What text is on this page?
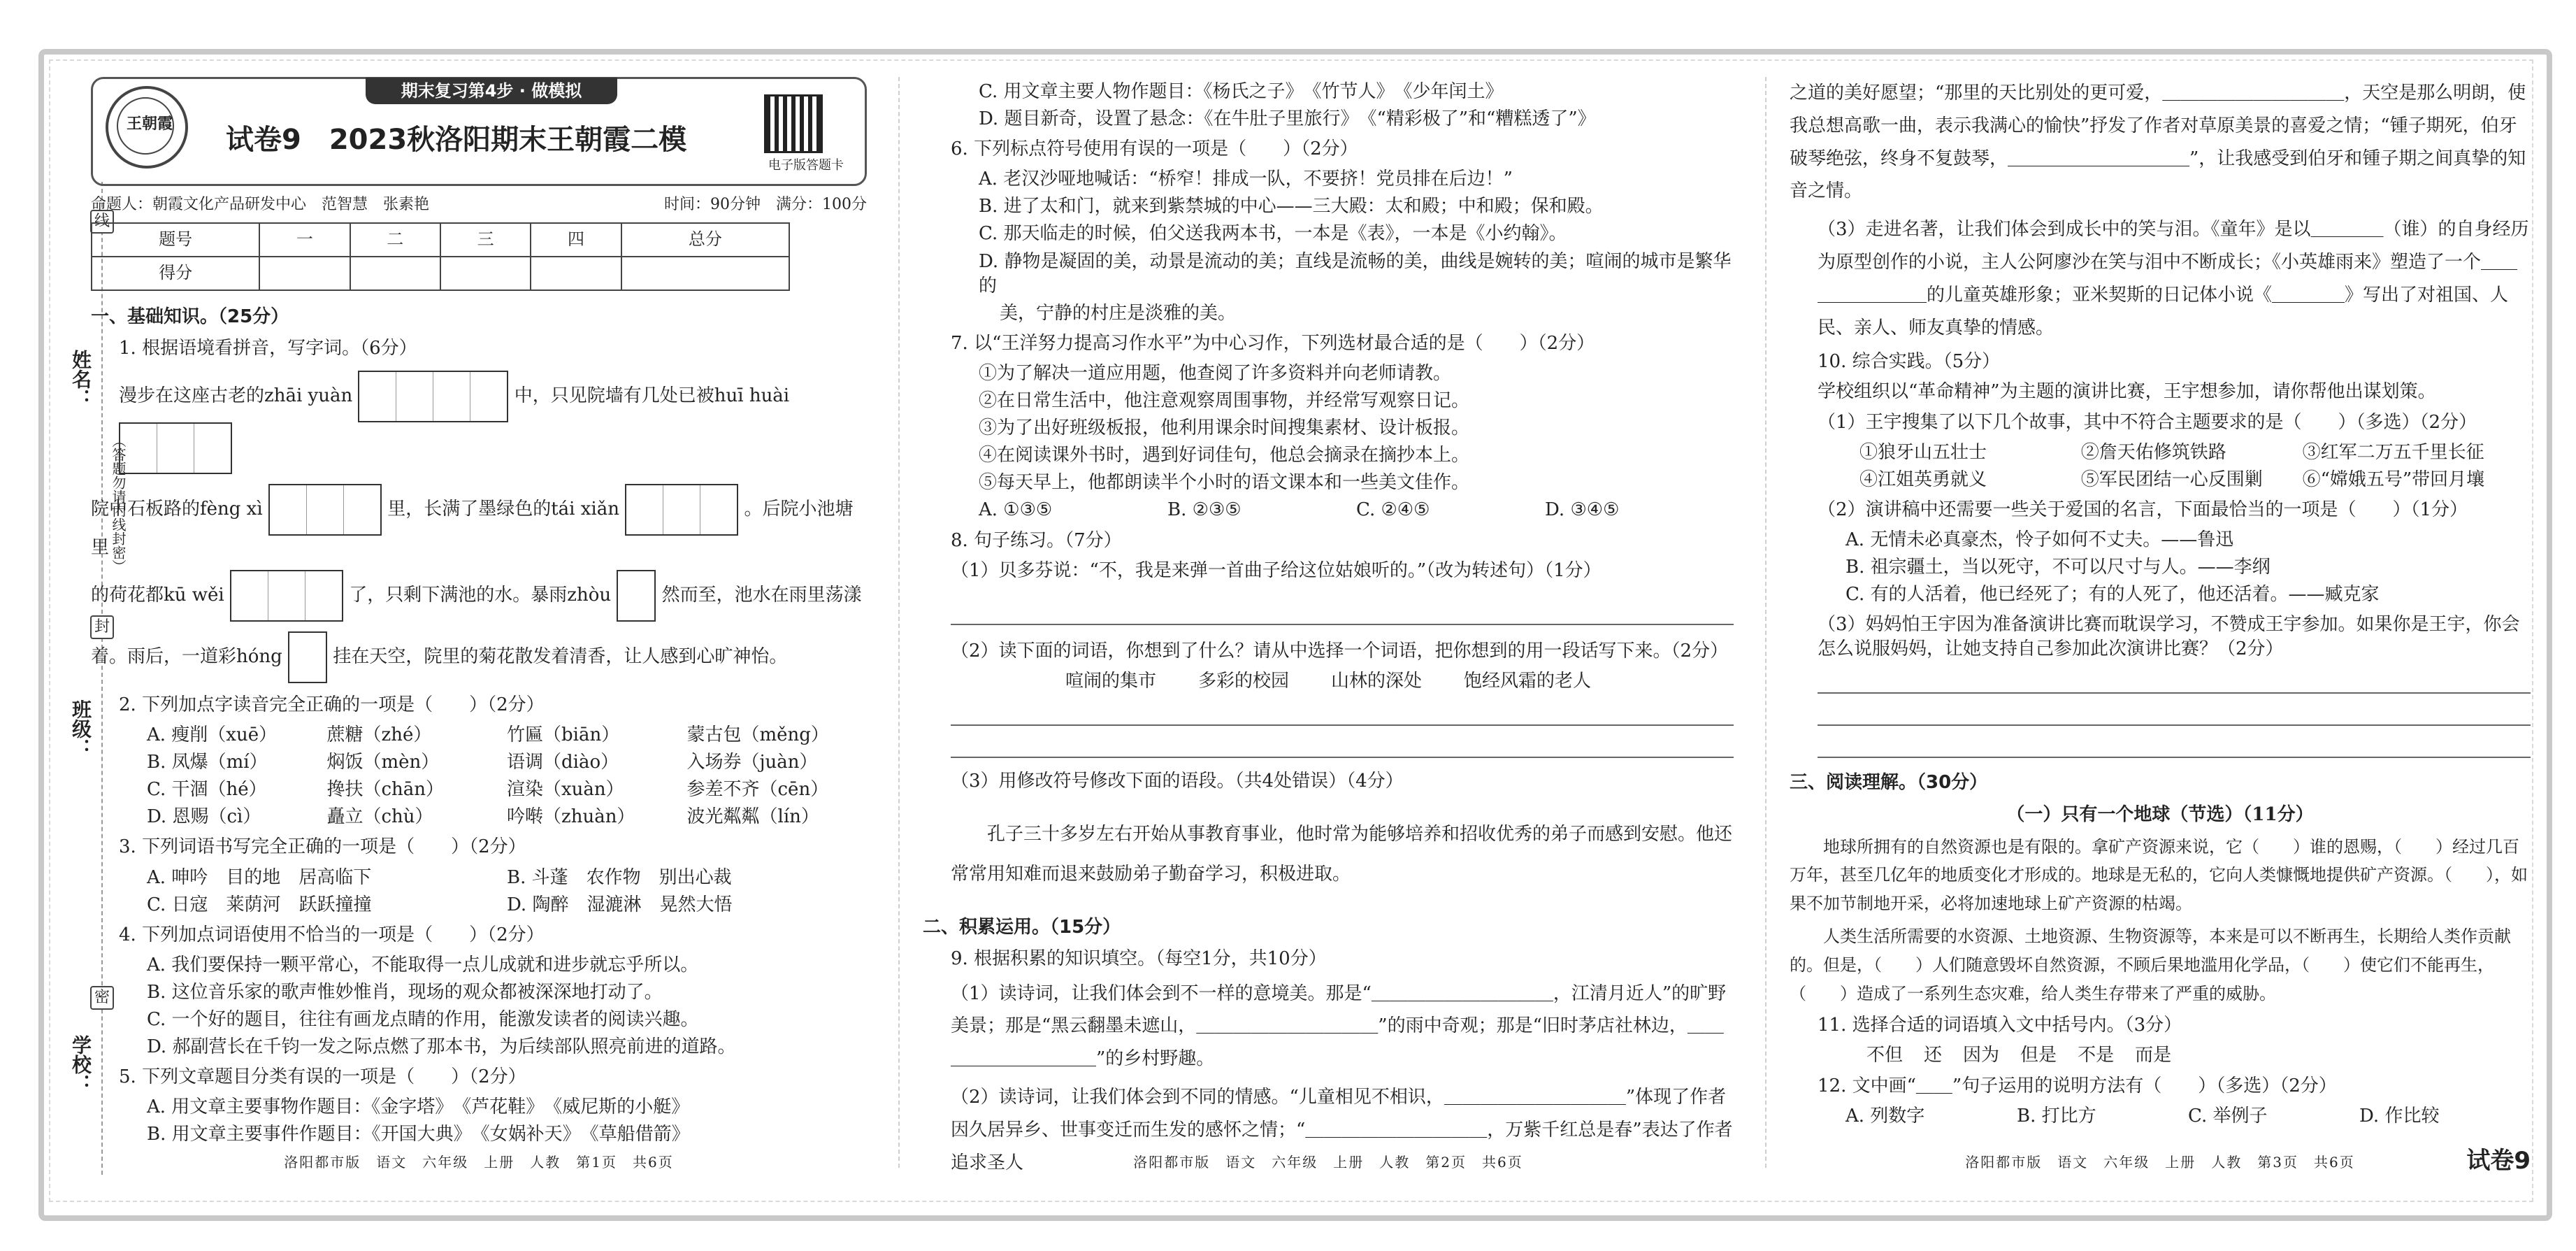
姓名：
（答题勿请内线封密）
班级：
学校：
线
封
密
期末复习第4步 · 做模拟
王朝霞 试卷9　2023秋洛阳期末王朝霞二模
电子版答题卡
命题人：朝霞文化产品研发中心　范智慧　张素艳	时间：90分钟　满分：100分
题号	一	二	三	四	总分
得分					
一、基础知识。（25分）
1. 根据语境看拼音，写字词。（6分）
漫步在这座古老的zhāi yuàn	中，只见院墙有几处已被huī huài
院中石板路的fèng xì	里，长满了墨绿色的tái xiǎn	。后院小池塘里
的荷花都kū wěi	了，只剩下满池的水。暴雨zhòu	然而至，池水在雨里荡漾
着。雨后，一道彩hóng	挂在天空，院里的菊花散发着清香，让人感到心旷神怡。
2. 下列加点字读音完全正确的一项是（　　）（2分）
A. 瘦削（xuē）	蔗糖（zhé）	竹匾（biān）	蒙古包（měng）
B. 凤爆（mí）	焖饭（mèn）	语调（diào）	入场券（juàn）
C. 干涸（hé）	搀扶（chān）	渲染（xuàn）	参差不齐（cēn）
D. 恩赐（cì）	矗立（chù）	吟啭（zhuàn）	波光粼粼（lín）
3. 下列词语书写完全正确的一项是（　　）（2分）
A. 呻吟　目的地　居高临下	B. 斗蓬　农作物　别出心裁
C. 日寇　莱荫河　跃跃撞撞	D. 陶醉　湿漉淋　晃然大悟
4. 下列加点词语使用不恰当的一项是（　　）（2分）
A. 我们要保持一颗平常心，不能取得一点儿成就和进步就忘乎所以。
B. 这位音乐家的歌声惟妙惟肖，现场的观众都被深深地打动了。
C. 一个好的题目，往往有画龙点睛的作用，能激发读者的阅读兴趣。
D. 郝副营长在千钧一发之际点燃了那本书，为后续部队照亮前进的道路。
5. 下列文章题目分类有误的一项是（　　）（2分）
A. 用文章主要事物作题目：《金字塔》　《芦花鞋》　《威尼斯的小艇》
B. 用文章主要事件作题目：《开国大典》　《女娲补天》　《草船借箭》
洛阳都市版　语文　六年级　上册　人教　第1页　共6页
C. 用文章主要人物作题目：《杨氏之子》　《竹节人》　《少年闰土》
D. 题目新奇，设置了悬念：《在牛肚子里旅行》　《“精彩极了”和“糟糕透了”》
6. 下列标点符号使用有误的一项是（　　）（2分）
A. 老汉沙哑地喊话：“桥窄！排成一队，不要挤！党员排在后边！”
B. 进了太和门，就来到紫禁城的中心——三大殿：太和殿；中和殿；保和殿。
C. 那天临走的时候，伯父送我两本书，一本是《表》，一本是《小约翰》。
D. 静物是凝固的美，动景是流动的美；直线是流畅的美，曲线是婉转的美；喧闹的城市是繁华的
美，宁静的村庄是淡雅的美。
7. 以“王洋努力提高习作水平”为中心习作，下列选材最合适的是（　　）（2分）
①为了解决一道应用题，他查阅了许多资料并向老师请教。
②在日常生活中，他注意观察周围事物，并经常写观察日记。
③为了出好班级板报，他利用课余时间搜集素材、设计板报。
④在阅读课外书时，遇到好词佳句，他总会摘录在摘抄本上。
⑤每天早上，他都朗读半个小时的语文课本和一些美文佳作。
A. ①③⑤	B. ②③⑤	C. ②④⑤	D. ③④⑤
8. 句子练习。（7分）
（1）贝多芬说：“不，我是来弹一首曲子给这位姑娘听的。”（改为转述句）（1分）
（2）读下面的词语，你想到了什么？请从中选择一个词语，把你想到的用一段话写下来。（2分）
喧闹的集市 多彩的校园 山林的深处 饱经风霜的老人
（3）用修改符号修改下面的语段。（共4处错误）（4分）
孔子三十多岁左右开始从事教育事业，他时常为能够培养和招收优秀的弟子而感到安慰。他还常常用知难而退来鼓励弟子勤奋学习，积极进取。
二、积累运用。（15分）
9. 根据积累的知识填空。（每空1分，共10分）
（1）读诗词，让我们体会到不一样的意境美。那是“＿＿＿＿＿＿＿＿＿＿，江清月近人”的旷野美景；那是“黑云翻墨未遮山，＿＿＿＿＿＿＿＿＿＿”的雨中奇观；那是“旧时茅店社林边，＿＿＿＿＿＿＿＿＿＿”的乡村野趣。
（2）读诗词，让我们体会到不同的情感。“儿童相见不相识，＿＿＿＿＿＿＿＿＿＿”体现了作者因久居异乡、世事变迁而生发的感怀之情；“＿＿＿＿＿＿＿＿＿＿，万紫千红总是春”表达了作者追求圣人	洛阳都市版　语文　六年级　上册　人教　第2页　共6页
之道的美好愿望；“那里的天比别处的更可爱，＿＿＿＿＿＿＿＿＿＿，天空是那么明朗，使我总想高歌一曲，表示我满心的愉快”抒发了作者对草原美景的喜爱之情；“锺子期死，伯牙破琴绝弦，终身不复鼓琴，＿＿＿＿＿＿＿＿＿＿”，让我感受到伯牙和锺子期之间真挚的知音之情。
（3）走进名著，让我们体会到成长中的笑与泪。《童年》是以＿＿＿＿（谁）的自身经历为原型创作的小说，主人公阿廖沙在笑与泪中不断成长；《小英雄雨来》塑造了一个＿＿＿＿＿＿＿＿的儿童英雄形象；亚米契斯的日记体小说《＿＿＿＿》写出了对祖国、人民、亲人、师友真挚的情感。
10. 综合实践。（5分）
学校组织以“革命精神”为主题的演讲比赛，王宇想参加，请你帮他出谋划策。
（1）王宇搜集了以下几个故事，其中不符合主题要求的是（　　）（多选）（2分）
①狼牙山五壮士	②詹天佑修筑铁路	③红军二万五千里长征
④江姐英勇就义	⑤军民团结一心反围剿	⑥“嫦娥五号”带回月壤
（2）演讲稿中还需要一些关于爱国的名言，下面最恰当的一项是（　　）（1分）
A. 无情未必真豪杰，怜子如何不丈夫。——鲁迅
B. 祖宗疆土，当以死守，不可以尺寸与人。——李纲
C. 有的人活着，他已经死了；有的人死了，他还活着。——臧克家
（3）妈妈怕王宇因为准备演讲比赛而耽误学习，不赞成王宇参加。如果你是王宇，你会怎么说服妈妈，让她支持自己参加此次演讲比赛？（2分）
三、阅读理解。（30分）
（一）只有一个地球（节选）（11分）
地球所拥有的自然资源也是有限的。拿矿产资源来说，它（　　）谁的恩赐，（　　）经过几百万年，甚至几亿年的地质变化才形成的。地球是无私的，它向人类慷慨地提供矿产资源。（　　），如果不加节制地开采，必将加速地球上矿产资源的枯竭。
人类生活所需要的水资源、土地资源、生物资源等，本来是可以不断再生，长期给人类作贡献的。但是，（　　）人们随意毁坏自然资源，不顾后果地滥用化学品，（　　）使它们不能再生，（　　）造成了一系列生态灾难，给人类生存带来了严重的威胁。
11. 选择合适的词语填入文中括号内。（3分）
不但 还 因为 但是 不是 而是
12. 文中画“＿＿”句子运用的说明方法有（　　）（多选）（2分）
A. 列数字	B. 打比方	C. 举例子	D. 作比较
洛阳都市版　语文　六年级　上册　人教　第3页　共6页	试卷9
